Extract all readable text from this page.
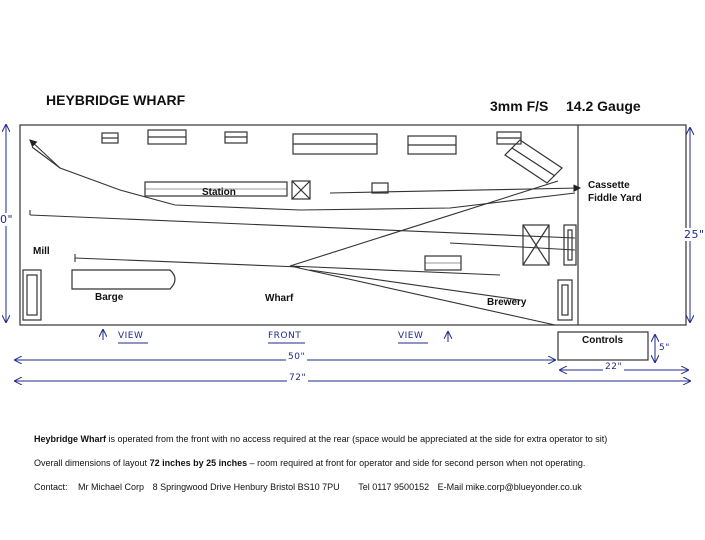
HEYBRIDGE WHARF	3mm F/S 14.2 Gauge
Station
Cassette
Fiddle Yard
Mill
Barge	Wharf	Brewery
Controls
VIEW	FRONT	VIEW
50"
72"
22"
5"
25"
0"
Heybridge Wharf is operated from the front with no access required at the rear (space would be appreciated at the side for extra operator to sit)
Overall dimensions of layout 72 inches by 25 inches – room required at front for operator and side for second person when not operating.
Contact: Mr Michael Corp 8 Springwood Drive Henbury Bristol BS10 7PU Tel 0117 9500152 E-Mail mike.corp@blueyonder.co.uk
